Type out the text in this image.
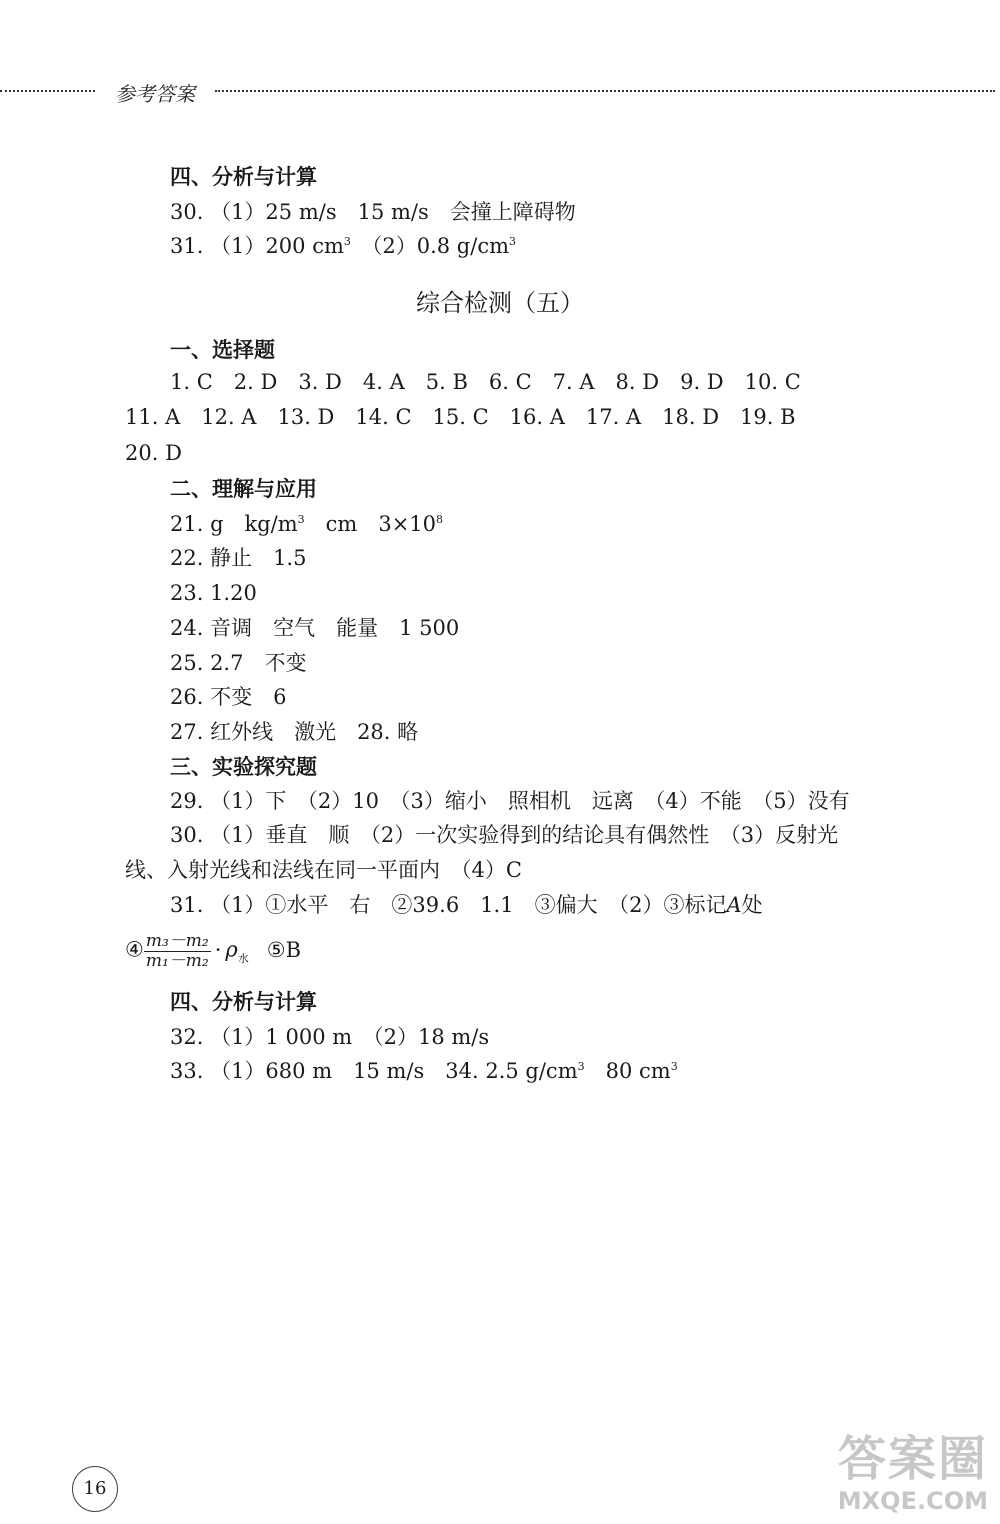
参考答案
四、分析与计算
30. （1）25 m/s　15 m/s　会撞上障碍物
31. （1）200 $cm^3$　（2）0.8 $g/cm^3$
综合检测（五）
一、选择题
1. C　2. D　3. D　4. A　5. B　6. C　7. A　8. D　9. D　10. C
11. A　12. A　13. D　14. C　15. C　16. A　17. A　18. D　19. B
20. D
二、理解与应用
21. g　$kg/m^3$　cm　$3\times 10^8$
22. 静止　1.5
23. 1.20
24. 音调　空气　能量　1 500
25. 2.7　不变
26. 不变　6
27. 红外线　激光　28. 略
三、实验探究题
29. （1）下　（2）10　（3）缩小　照相机　远离　（4）不能　（5）没有
30. （1）垂直　顺　（2）一次实验得到的结论具有偶然性　（3）反射光
线、入射光线和法线在同一平面内　（4）C
31. （1）①水平　右　②39.6　1.1　③偏大　（2）③标记A处
④ $\frac{\text{m₃－m₂}}{\text{m₁－m₂}} \cdot \rho_水$ ⑤B
四、分析与计算
32. （1）1 000 m　（2）18 m/s
33. （1）680 m　15 m/s　34. 2.5 $g/cm^3$　80 $cm^3$
16
答案圈
MXQE.COM
